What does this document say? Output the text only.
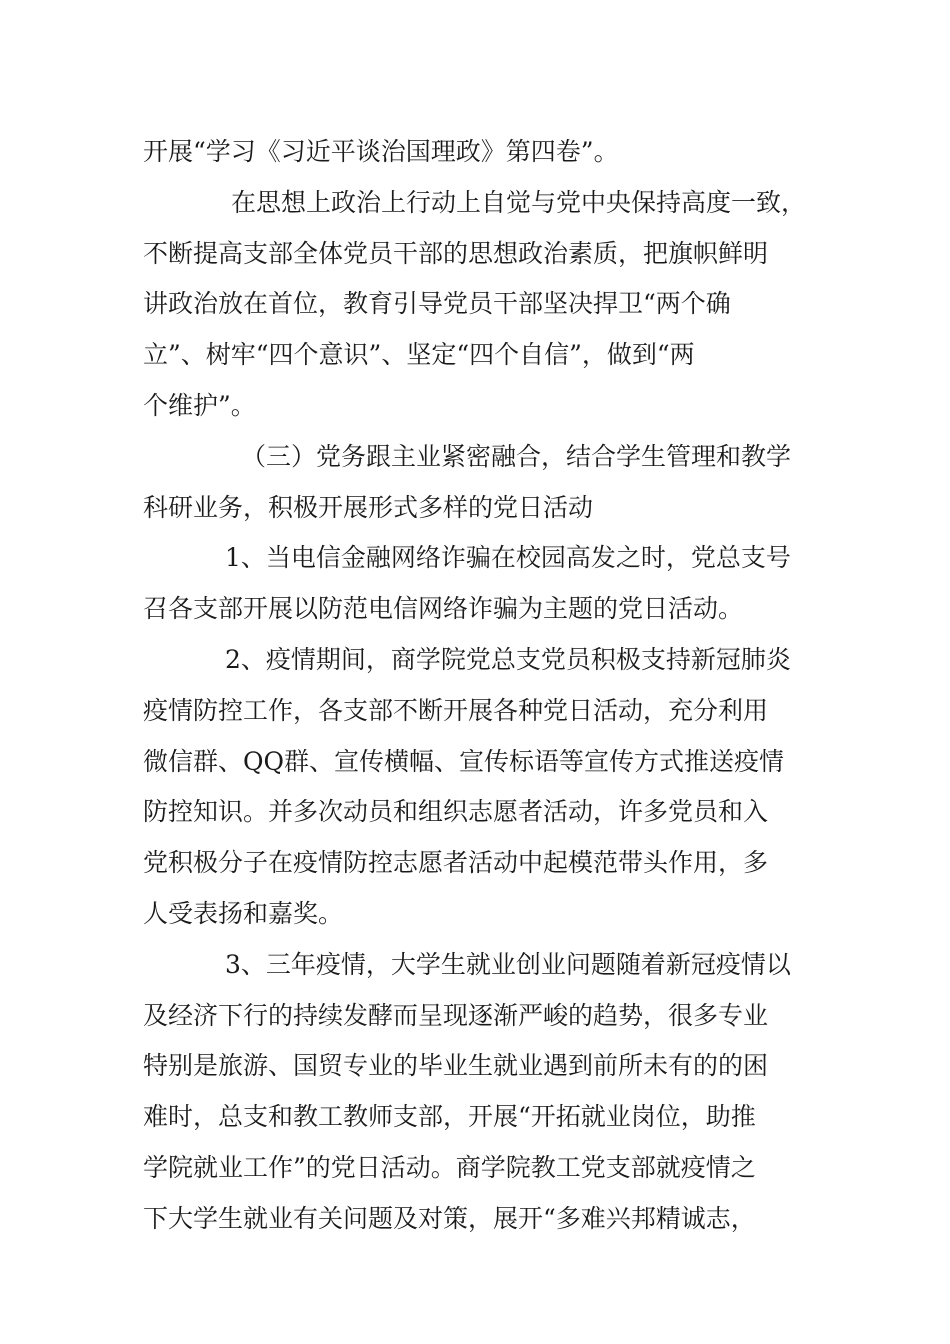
开展“学习《习近平谈治国理政》第四卷”。
在思想上政治上行动上自觉与党中央保持高度一致，
不断提高支部全体党员干部的思想政治素质，把旗帜鲜明
讲政治放在首位，教育引导党员干部坚决捍卫“两个确
立”、树牢“四个意识”、坚定“四个自信”，做到“两
个维护”。
（三）党务跟主业紧密融合，结合学生管理和教学
科研业务，积极开展形式多样的党日活动
1、当电信金融网络诈骗在校园高发之时，党总支号
召各支部开展以防范电信网络诈骗为主题的党日活动。
2、疫情期间，商学院党总支党员积极支持新冠肺炎
疫情防控工作，各支部不断开展各种党日活动，充分利用
微信群、QQ群、宣传横幅、宣传标语等宣传方式推送疫情
防控知识。并多次动员和组织志愿者活动，许多党员和入
党积极分子在疫情防控志愿者活动中起模范带头作用，多
人受表扬和嘉奖。
3、三年疫情，大学生就业创业问题随着新冠疫情以
及经济下行的持续发酵而呈现逐渐严峻的趋势，很多专业
特别是旅游、国贸专业的毕业生就业遇到前所未有的的困
难时，总支和教工教师支部，开展“开拓就业岗位，助推
学院就业工作”的党日活动。商学院教工党支部就疫情之
下大学生就业有关问题及对策，展开“多难兴邦精诚志，
